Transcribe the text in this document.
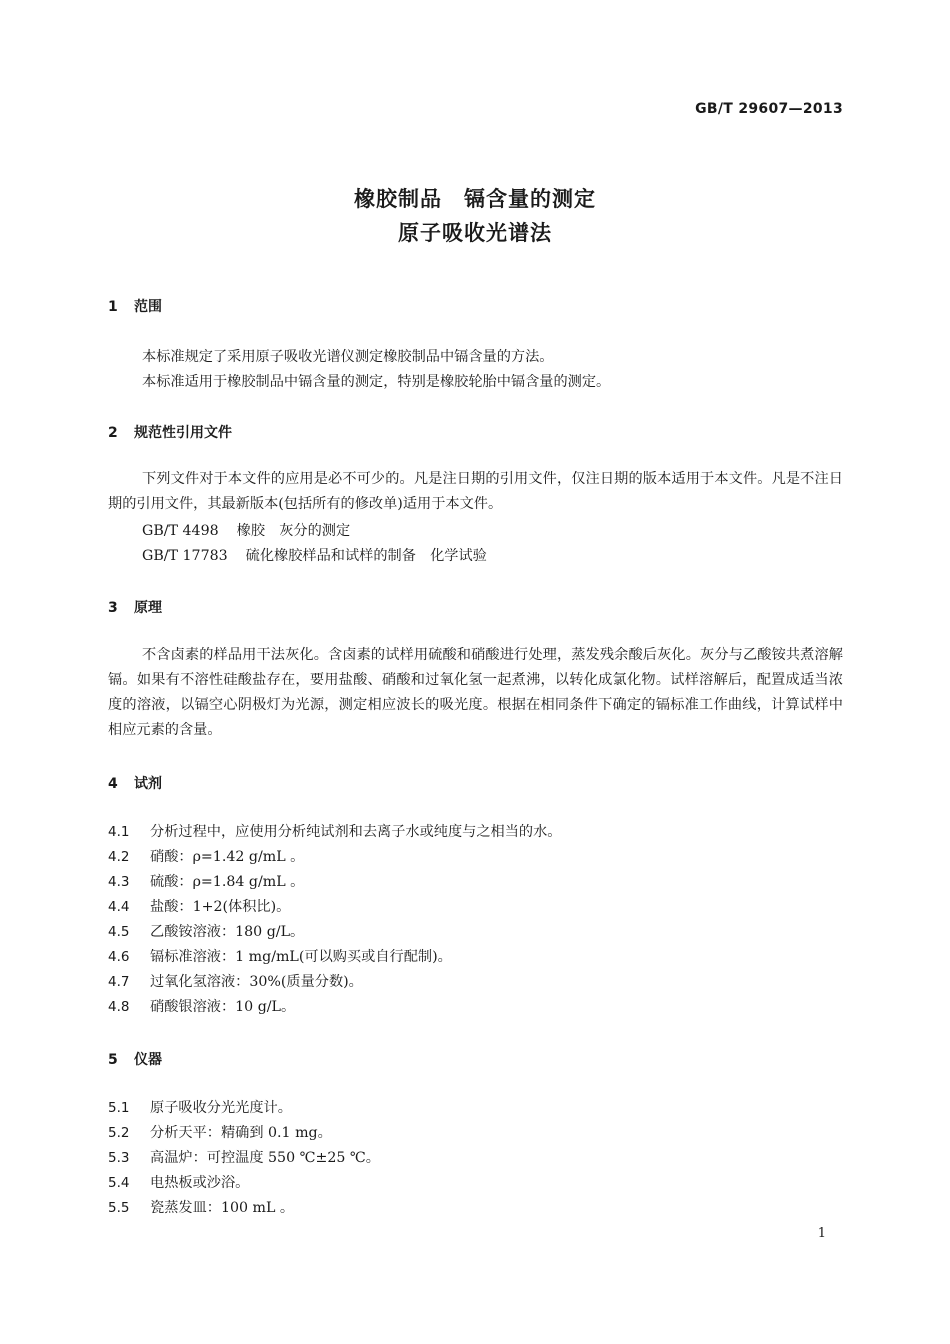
GB/T 29607—2013
橡胶制品　镉含量的测定
原子吸收光谱法
1 范围
本标准规定了采用原子吸收光谱仪测定橡胶制品中镉含量的方法。
本标准适用于橡胶制品中镉含量的测定，特别是橡胶轮胎中镉含量的测定。
2 规范性引用文件
下列文件对于本文件的应用是必不可少的。凡是注日期的引用文件，仅注日期的版本适用于本文件。凡是不注日期的引用文件，其最新版本(包括所有的修改单)适用于本文件。
GB/T 4498 橡胶　灰分的测定
GB/T 17783 硫化橡胶样品和试样的制备　化学试验
3 原理
不含卤素的样品用干法灰化。含卤素的试样用硫酸和硝酸进行处理，蒸发残余酸后灰化。灰分与乙酸铵共煮溶解镉。如果有不溶性硅酸盐存在，要用盐酸、硝酸和过氧化氢一起煮沸，以转化成氯化物。试样溶解后，配置成适当浓度的溶液，以镉空心阴极灯为光源，测定相应波长的吸光度。根据在相同条件下确定的镉标准工作曲线，计算试样中相应元素的含量。
4 试剂
4.1 分析过程中，应使用分析纯试剂和去离子水或纯度与之相当的水。
4.2 硝酸：ρ=1.42 g/mL 。
4.3 硫酸：ρ=1.84 g/mL 。
4.4 盐酸：1+2(体积比)。
4.5 乙酸铵溶液：180 g/L。
4.6 镉标准溶液：1 mg/mL(可以购买或自行配制)。
4.7 过氧化氢溶液：30%(质量分数)。
4.8 硝酸银溶液：10 g/L。
5 仪器
5.1 原子吸收分光光度计。
5.2 分析天平：精确到 0.1 mg。
5.3 高温炉：可控温度 550 ℃±25 ℃。
5.4 电热板或沙浴。
5.5 瓷蒸发皿：100 mL 。
1
